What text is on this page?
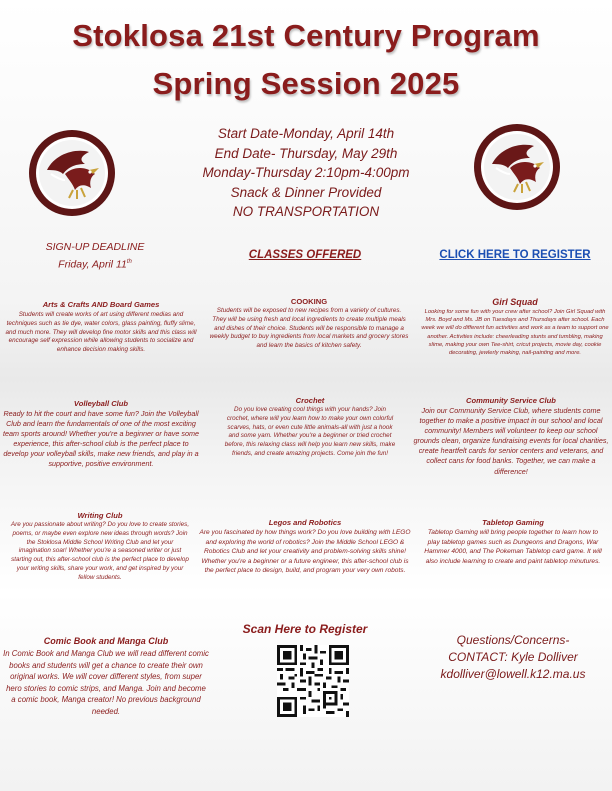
Stoklosa 21st Century Program
Spring Session 2025
Start Date-Monday, April 14th
End Date- Thursday, May 29th
Monday-Thursday 2:10pm-4:00pm
Snack & Dinner Provided
NO TRANSPORTATION
SIGN-UP DEADLINE
Friday, April 11th
CLASSES OFFERED	CLICK HERE TO REGISTER
Arts & Crafts AND Board Games
Students will create works of art using different medias and techniques such as tie dye, water colors, glass painting, fluffy slime, and much more. They will develop fine motor skills and this class will encourage self expression while allowing students to socialize and enhance decision making skills.
COOKING
Students will be exposed to new recipes from a variety of cultures. They will be using fresh and local ingredients to create multiple meals and dishes of their choice. Students will be responsible to manage a weekly budget to buy ingredients from local markets and grocery stores and learn the basics of kitchen safety.
Girl Squad
Looking for some fun with your crew after school? Join Girl Squad with Mrs. Boyd and Ms. JB on Tuesdays and Thursdays after school. Each week we will do different fun activities and work as a team to support one another. Activities include: cheerleading stunts and tumbling, making slime, making your own Tee-shirt, cricut projects, movie day, cookie decorating, jewlerly making, nail-painting and more.
Volleyball Club
Ready to hit the court and have some fun? Join the Volleyball Club and learn the fundamentals of one of the most exciting team sports around! Whether you're a beginner or have some experience, this after-school club is the perfect place to develop your volleyball skills, make new friends, and play in a supportive, positive environment.
Crochet
Do you love creating cool things with your hands? Join crochet, where will you learn how to make your own colorful scarves, hats, or even cute little animals-all with just a hook and some yarn. Whether you're a beginner or tried crochet before, this relaxing class will help you learn new skills, make friends, and create amazing projects. Come join the fun!
Community Service Club
Join our Community Service Club, where students come together to make a positive impact in our school and local community! Members will volunteer to keep our school grounds clean, organize fundraising events for local charities, create heartfelt cards for senior centers and veterans, and collect cans for food banks. Together, we can make a difference!
Writing Club
Are you passionate about writing? Do you love to create stories, poems, or maybe even explore new ideas through words? Join the Stoklosa Middle School Writing Club and let your imagination soar! Whether you're a seasoned writer or just starting out, this after-school club is the perfect place to develop your writing skills, share your work, and get inspired by your fellow students.
Legos and Robotics
Are you fascinated by how things work? Do you love building with LEGO and exploring the world of robotics? Join the Middle School LEGO & Robotics Club and let your creativity and problem-solving skills shine! Whether you're a beginner or a future engineer, this after-school club is the perfect place to design, build, and program your very own robots.
Tabletop Gaming
Tabletop Gaming will bring people together to learn how to play tabletop games such as Dungeons and Dragons, War Hammer 4000, and The Pokeman Tabletop card game. It will also include learning to create and paint tabletop minutures.
Comic Book and Manga Club
In Comic Book and Manga Club we will read different comic books and students will get a chance to create their own original works. We will cover different styles, from super hero stories to comic strips, and Manga. Join and become a comic book, Manga creator! No previous background needed.
Scan Here to Register
Questions/Concerns-
CONTACT: Kyle Dolliver
kdolliver@lowell.k12.ma.us
